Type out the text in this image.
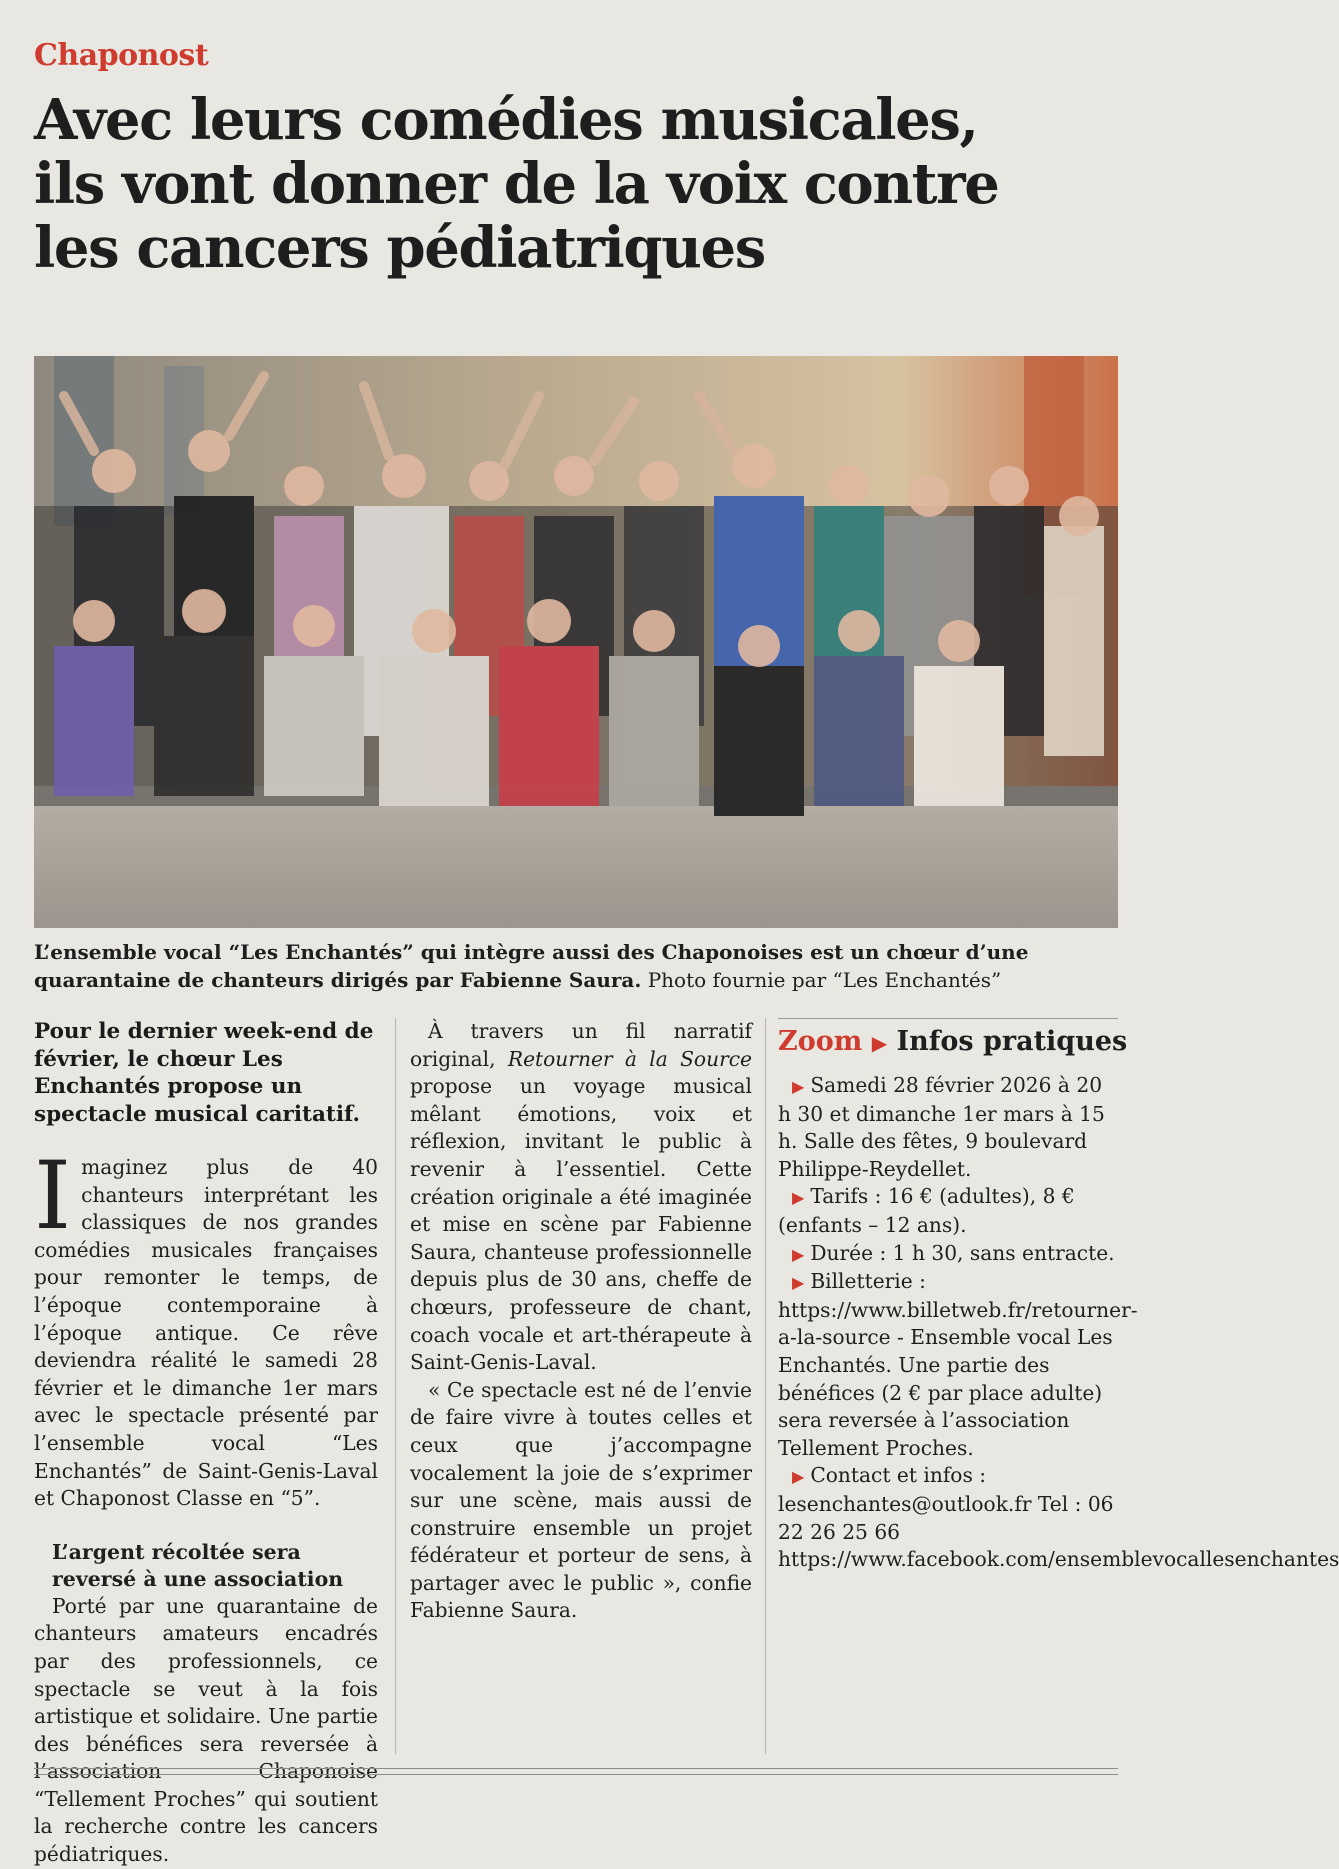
Chaponost
Avec leurs comédies musicales,
ils vont donner de la voix contre
les cancers pédiatriques
L’ensemble vocal “Les Enchantés” qui intègre aussi des Chaponoises est un chœur d’une quarantaine de chanteurs dirigés par Fabienne Saura. Photo fournie par “Les Enchantés”
Pour le dernier week-end de février, le chœur Les Enchantés propose un spectacle musical caritatif.

Imaginez plus de 40 chanteurs interprétant les classiques de nos grandes comédies musicales françaises pour remonter le temps, de l’époque contemporaine à l’époque antique. Ce rêve deviendra réalité le samedi 28 février et le dimanche 1er mars avec le spectacle présenté par l’ensemble vocal “Les Enchantés” de Saint-Genis-Laval et Chaponost Classe en “5”.

L’argent récoltée sera reversé à une association

Porté par une quarantaine de chanteurs amateurs encadrés par des professionnels, ce spectacle se veut à la fois artistique et solidaire. Une partie des bénéfices sera reversée à l’association Chaponoise “Tellement Proches” qui soutient la recherche contre les cancers pédiatriques.

À travers un fil narratif original, Retourner à la Source propose un voyage musical mêlant émotions, voix et réflexion, invitant le public à revenir à l’essentiel. Cette création originale a été imaginée et mise en scène par Fabienne Saura, chanteuse professionnelle depuis plus de 30 ans, cheffe de chœurs, professeure de chant, coach vocale et art-thérapeute à Saint-Genis-Laval.

« Ce spectacle est né de l’envie de faire vivre à toutes celles et ceux que j’accompagne vocalement la joie de s’exprimer sur une scène, mais aussi de construire ensemble un projet fédérateur et porteur de sens, à partager avec le public », confie Fabienne Saura.

Zoom ▶ Infos pratiques

▶ Samedi 28 février 2026 à 20 h 30 et dimanche 1er mars à 15 h. Salle des fêtes, 9 boulevard Philippe-Reydellet.

▶ Tarifs : 16 € (adultes), 8 € (enfants – 12 ans).

▶ Durée : 1 h 30, sans entracte.

▶ Billetterie : https://www.billetweb.fr/retourner-a-la-source - Ensemble vocal Les Enchantés. Une partie des bénéfices (2 € par place adulte) sera reversée à l’association Tellement Proches.

▶ Contact et infos : lesenchantes@outlook.fr Tel : 06 22 26 25 66 https://www.facebook.com/ensemblevocallesenchantes
